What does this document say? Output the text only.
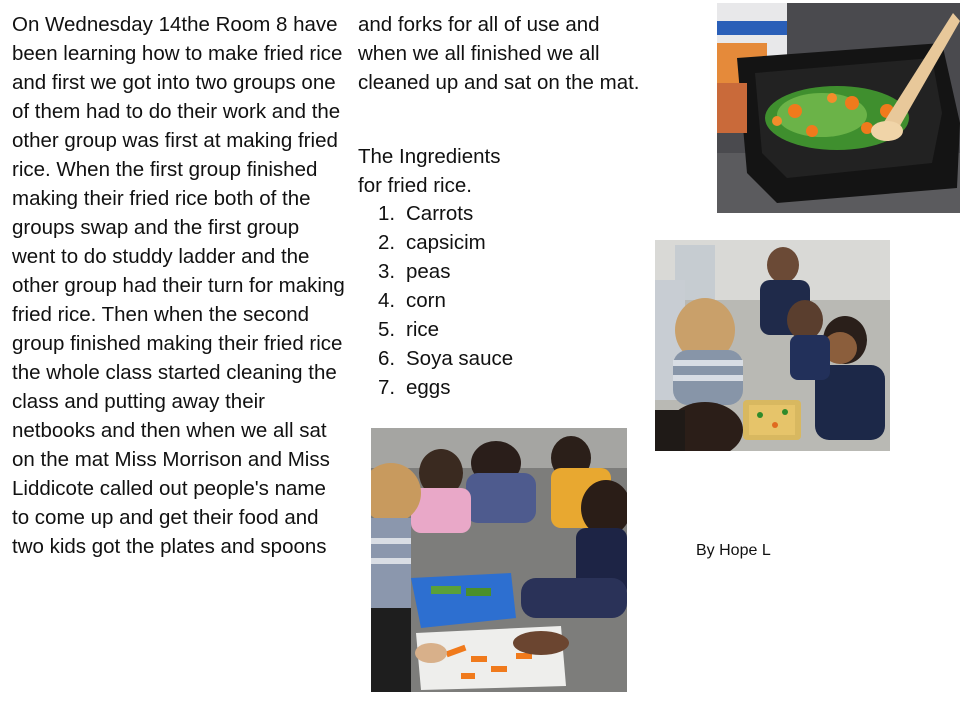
On Wednesday 14the Room 8 have been learning how to make fried rice and first we got into two groups one of them had to do their work and the other group was first at making fried rice. When the first group finished making their fried rice both of the groups swap and the first group went to do studdy ladder and the other group had their turn for making fried rice. Then when the second group finished making their fried rice the whole class started cleaning the class and putting away their netbooks and then when we all sat on the mat Miss Morrison and Miss Liddicote called out people's name to come up and get their food and two kids got the plates and spoons

and forks for all of use and when we all finished we all cleaned up and sat on the mat.

The Ingredients
for fried rice.
1. Carrots
2. capsicim
3. peas
4. corn
5. rice
6. Soya sauce
7. eggs
By Hope L
